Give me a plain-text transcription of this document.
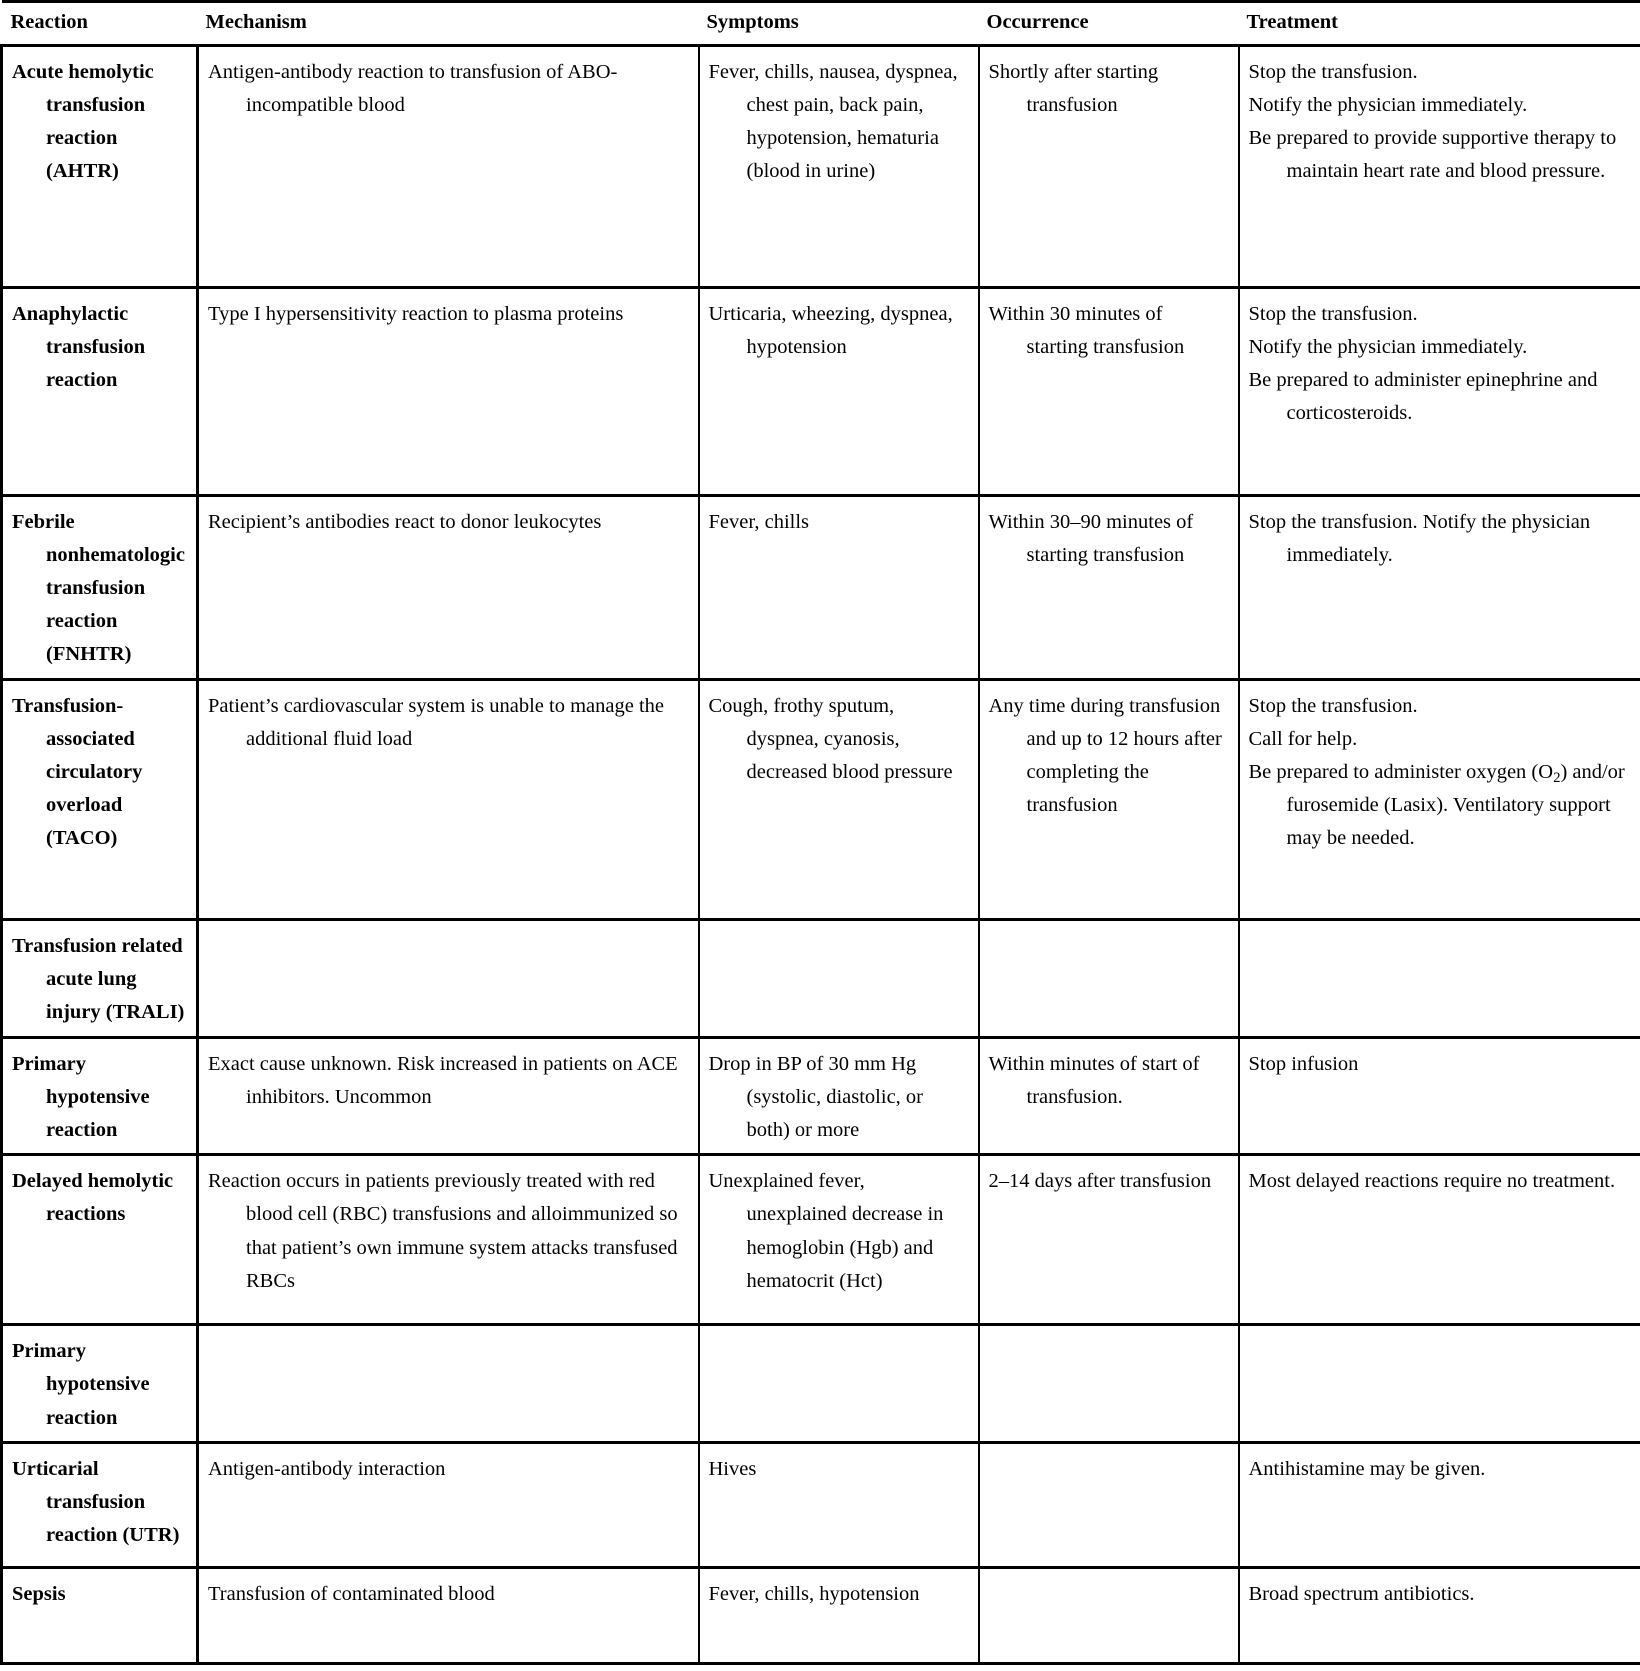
Reaction	Mechanism	Symptoms	Occurrence	Treatment

Acute hemolytic transfusion reaction (AHTR)	Antigen-antibody reaction to transfusion of ABO-incompatible blood	Fever, chills, nausea, dyspnea, chest pain, back pain, hypotension, hematuria (blood in urine)	Shortly after starting transfusion	Stop the transfusion.
Notify the physician immediately.
Be prepared to provide supportive therapy to maintain heart rate and blood pressure.

Anaphylactic transfusion reaction	Type I hypersensitivity reaction to plasma proteins	Urticaria, wheezing, dyspnea, hypotension	Within 30 minutes of starting transfusion	Stop the transfusion.
Notify the physician immediately.
Be prepared to administer epinephrine and corticosteroids.

Febrile nonhematologic transfusion reaction (FNHTR)	Recipient’s antibodies react to donor leukocytes	Fever, chills	Within 30–90 minutes of starting transfusion	Stop the transfusion. Notify the physician immediately.

Transfusion-associated circulatory overload (TACO)	Patient’s cardiovascular system is unable to manage the additional fluid load	Cough, frothy sputum, dyspnea, cyanosis, decreased blood pressure	Any time during transfusion and up to 12 hours after completing the transfusion	Stop the transfusion.
Call for help.
Be prepared to administer oxygen $(O_2)$ and/or furosemide (Lasix). Ventilatory support may be needed.

Transfusion related acute lung injury (TRALI)				

Primary hypotensive reaction	Exact cause unknown. Risk increased in patients on ACE inhibitors. Uncommon	Drop in BP of 30 mm Hg (systolic, diastolic, or both) or more	Within minutes of start of transfusion.	Stop infusion

Delayed hemolytic reactions	Reaction occurs in patients previously treated with red blood cell (RBC) transfusions and alloimmunized so that patient’s own immune system attacks transfused RBCs	Unexplained fever, unexplained decrease in hemoglobin (Hgb) and hematocrit (Hct)	2–14 days after transfusion	Most delayed reactions require no treatment.

Primary hypotensive reaction				

Urticarial transfusion reaction (UTR)	Antigen-antibody interaction	Hives		Antihistamine may be given.

Sepsis	Transfusion of contaminated blood	Fever, chills, hypotension		Broad spectrum antibiotics.
